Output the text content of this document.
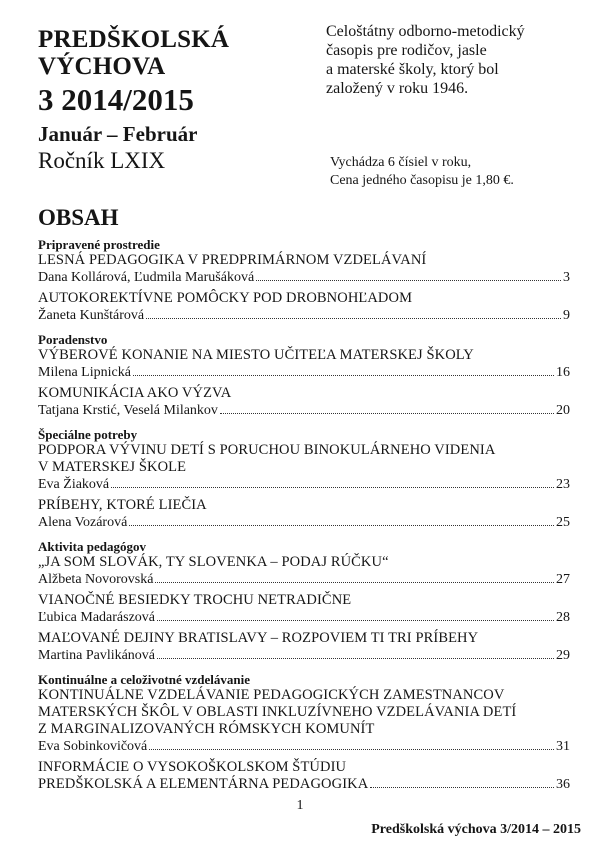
PREDŠKOLSKÁ
VÝCHOVA
3 2014/2015
Január – Február
Ročník LXIX
Celoštátny odborno-metodický
časopis pre rodičov, jasle
a materské školy, ktorý bol
založený v roku 1946.
Vychádza 6 čísiel v roku,
Cena jedného časopisu je 1,80 €.
OBSAH
Pripravené prostredie
LESNÁ PEDAGOGIKA V PREDPRIMÁRNOM VZDELÁVANÍ
Dana Kollárová, Ľudmila Marušáková	3
AUTOKOREKTÍVNE POMÔCKY POD DROBNOHĽADOM
Žaneta Kunštárová	9
Poradenstvo
VÝBEROVÉ KONANIE NA MIESTO UČITEĽA MATERSKEJ ŠKOLY
Milena Lipnická	16
KOMUNIKÁCIA AKO VÝZVA
Tatjana Krstić, Veselá Milankov	20
Špeciálne potreby
PODPORA VÝVINU DETÍ S PORUCHOU BINOKULÁRNEHO VIDENIA
V MATERSKEJ ŠKOLE
Eva Žiaková	23
PRÍBEHY, KTORÉ LIEČIA
Alena Vozárová	25
Aktivita pedagógov
„JA SOM SLOVÁK, TY SLOVENKA – PODAJ RÚČKU“
Alžbeta Novorovská	27
VIANOČNÉ BESIEDKY TROCHU NETRADIČNE
Ľubica Madarászová	28
MAĽOVANÉ DEJINY BRATISLAVY – ROZPOVIEM TI TRI PRÍBEHY
Martina Pavlikánová	29
Kontinuálne a celoživotné vzdelávanie
KONTINUÁLNE VZDELÁVANIE PEDAGOGICKÝCH ZAMESTNANCOV
MATERSKÝCH ŠKÔL V OBLASTI INKLUZÍVNEHO VZDELÁVANIA DETÍ
Z MARGINALIZOVANÝCH RÓMSKYCH KOMUNÍT
Eva Sobinkovičová	31
INFORMÁCIE O VYSOKOŠKOLSKOM ŠTÚDIU
PREDŠKOLSKÁ A ELEMENTÁRNA PEDAGOGIKA	36
1
Predškolská výchova 3/2014 – 2015
